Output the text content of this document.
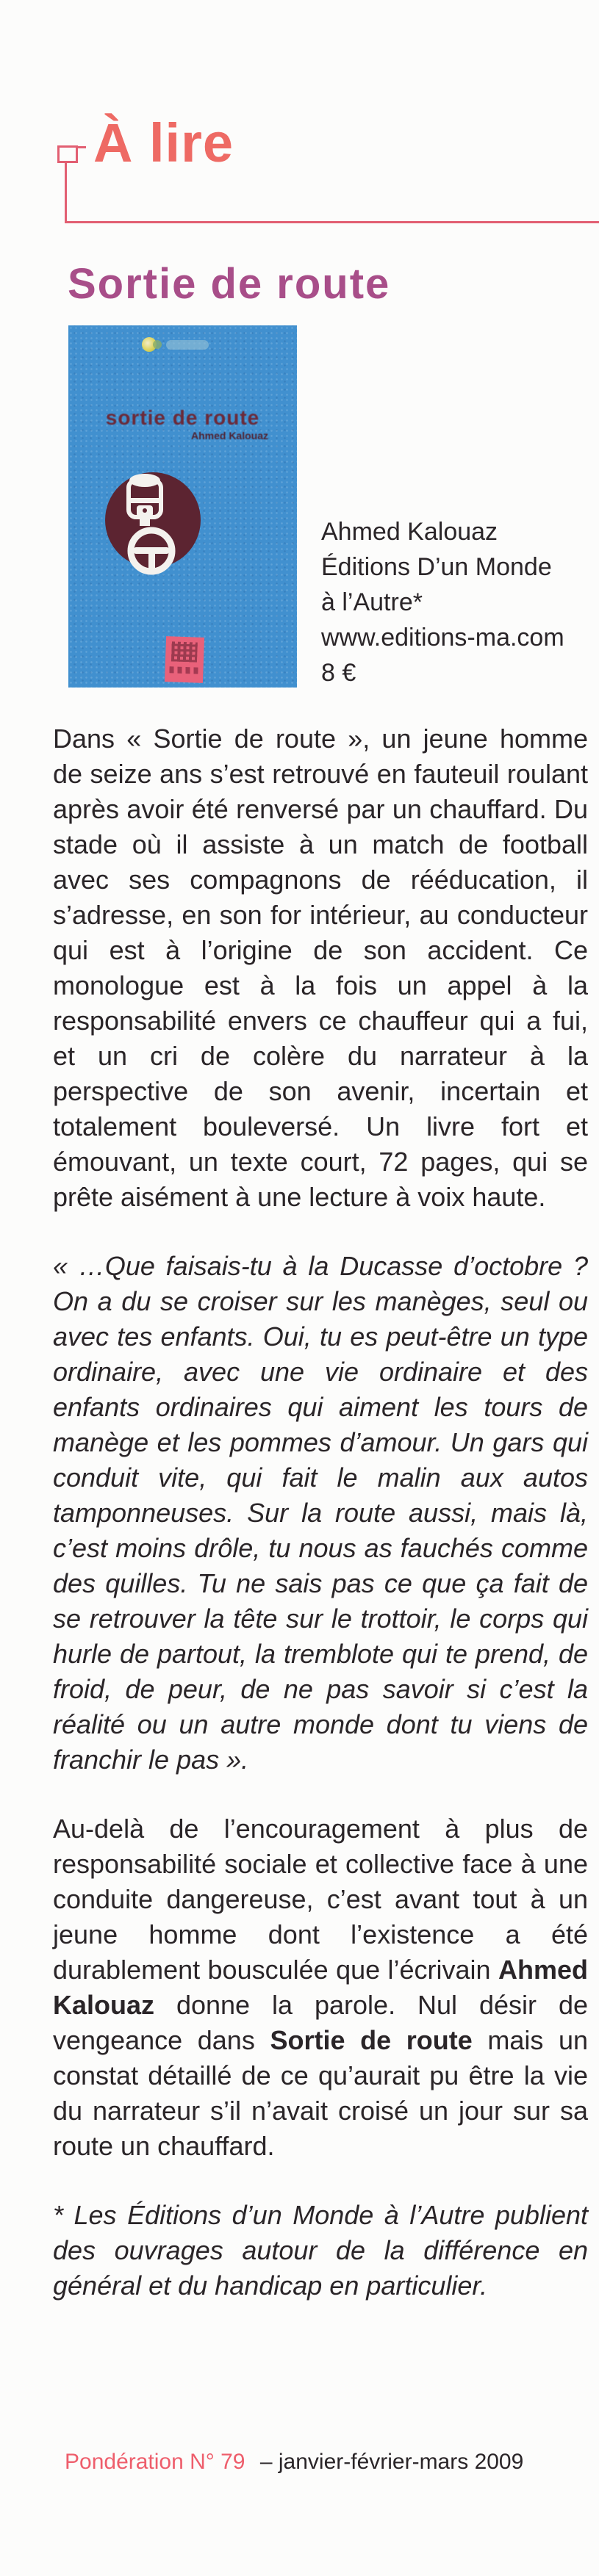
À lire
Sortie de route
sortie de route
Ahmed Kalouaz
Ahmed Kalouaz
Éditions D’un Monde
à l’Autre*
www.editions-ma.com
8 €

Dans « Sortie de route », un jeune homme de seize ans s’est retrouvé en fauteuil roulant après avoir été renversé par un chauffard. Du stade où il assiste à un match de football avec ses compagnons de rééducation, il s’adresse, en son for intérieur, au conducteur qui est à l’origine de son accident. Ce monologue est à la fois un appel à la responsabilité envers ce chauffeur qui a fui, et un cri de colère du narrateur à la perspective de son avenir, incertain et totalement bouleversé. Un livre fort et émouvant, un texte court, 72 pages, qui se prête aisément à une lecture à voix haute.

« …Que faisais-tu à la Ducasse d’octobre ? On a du se croiser sur les manèges, seul ou avec tes enfants. Oui, tu es peut-être un type ordinaire, avec une vie ordinaire et des enfants ordinaires qui aiment les tours de manège et les pommes d’amour. Un gars qui conduit vite, qui fait le malin aux autos tamponneuses. Sur la route aussi, mais là, c’est moins drôle, tu nous as fauchés comme des quilles. Tu ne sais pas ce que ça fait de se retrouver la tête sur le trottoir, le corps qui hurle de partout, la tremblote qui te prend, de froid, de peur, de ne pas savoir si c’est la réalité ou un autre monde dont tu viens de franchir le pas ».

Au-delà de l’encouragement à plus de responsabilité sociale et collective face à une conduite dangereuse, c’est avant tout à un jeune homme dont l’existence a été durablement bousculée que l’écrivain Ahmed Kalouaz donne la parole. Nul désir de vengeance dans Sortie de route mais un constat détaillé de ce qu’aurait pu être la vie du narrateur s’il n’avait croisé un jour sur sa route un chauffard.

* Les Éditions d’un Monde à l’Autre publient des ouvrages autour de la différence en général et du handicap en particulier.

Pondération N° 79 – janvier-février-mars 2009
